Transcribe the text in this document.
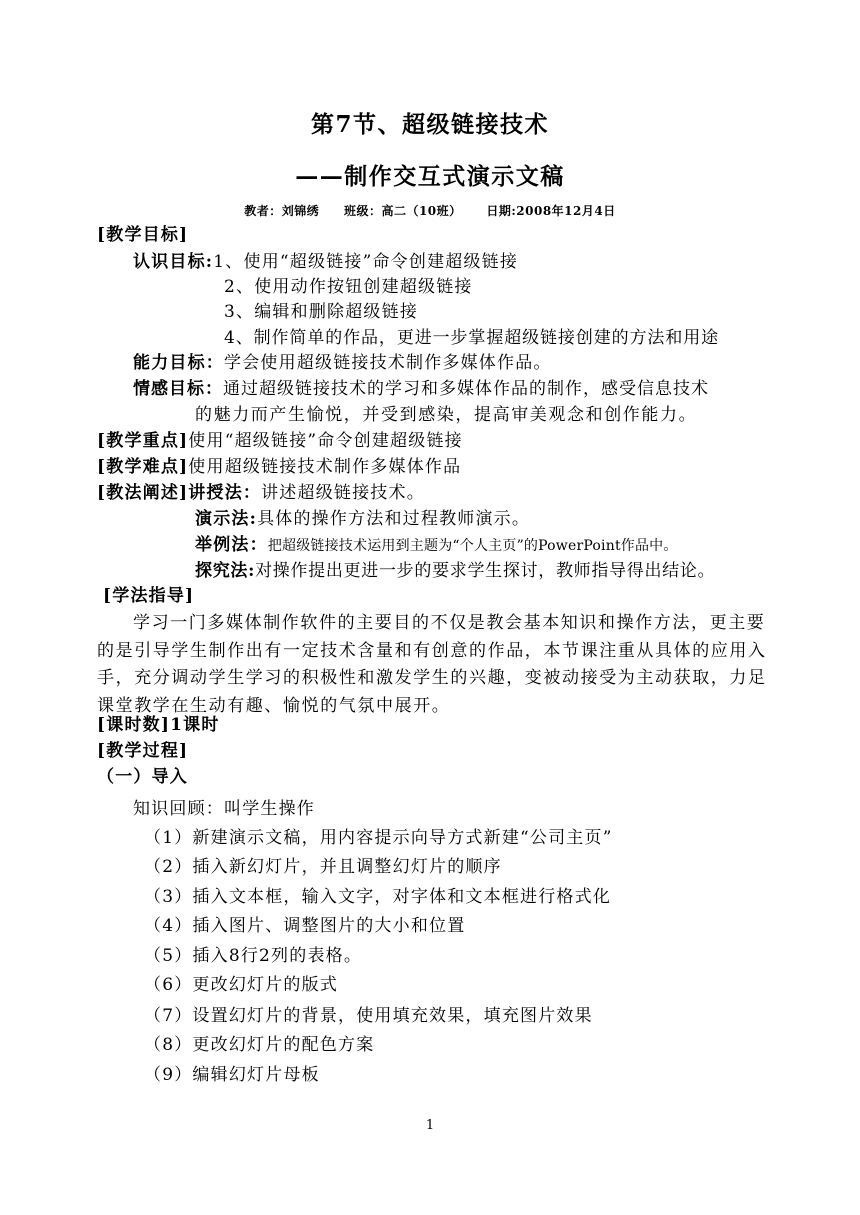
第7节、超级链接技术
——制作交互式演示文稿
教者：刘锦绣 班级：高二（10班） 日期:2008年12月4日
[教学目标]
认识目标:1、使用“超级链接”命令创建超级链接
2、使用动作按钮创建超级链接
3、编辑和删除超级链接
4、制作简单的作品，更进一步掌握超级链接创建的方法和用途
能力目标：学会使用超级链接技术制作多媒体作品。
情感目标：通过超级链接技术的学习和多媒体作品的制作，感受信息技术
的魅力而产生愉悦，并受到感染，提高审美观念和创作能力。
[教学重点]使用“超级链接”命令创建超级链接
[教学难点]使用超级链接技术制作多媒体作品
[教法阐述]讲授法：讲述超级链接技术。
演示法:具体的操作方法和过程教师演示。
举例法：把超级链接技术运用到主题为“个人主页”的PowerPoint作品中。
探究法:对操作提出更进一步的要求学生探讨，教师指导得出结论。
[学法指导]
学习一门多媒体制作软件的主要目的不仅是教会基本知识和操作方法，更主要的是引导学生制作出有一定技术含量和有创意的作品，本节课注重从具体的应用入手，充分调动学生学习的积极性和激发学生的兴趣，变被动接受为主动获取，力足课堂教学在生动有趣、愉悦的气氛中展开。
[课时数]1课时
[教学过程]
（一）导入
知识回顾：叫学生操作
（1）新建演示文稿，用内容提示向导方式新建“公司主页”
（2）插入新幻灯片，并且调整幻灯片的顺序
（3）插入文本框，输入文字，对字体和文本框进行格式化
（4）插入图片、调整图片的大小和位置
（5）插入8行2列的表格。
（6）更改幻灯片的版式
（7）设置幻灯片的背景，使用填充效果，填充图片效果
（8）更改幻灯片的配色方案
（9）编辑幻灯片母板
1
